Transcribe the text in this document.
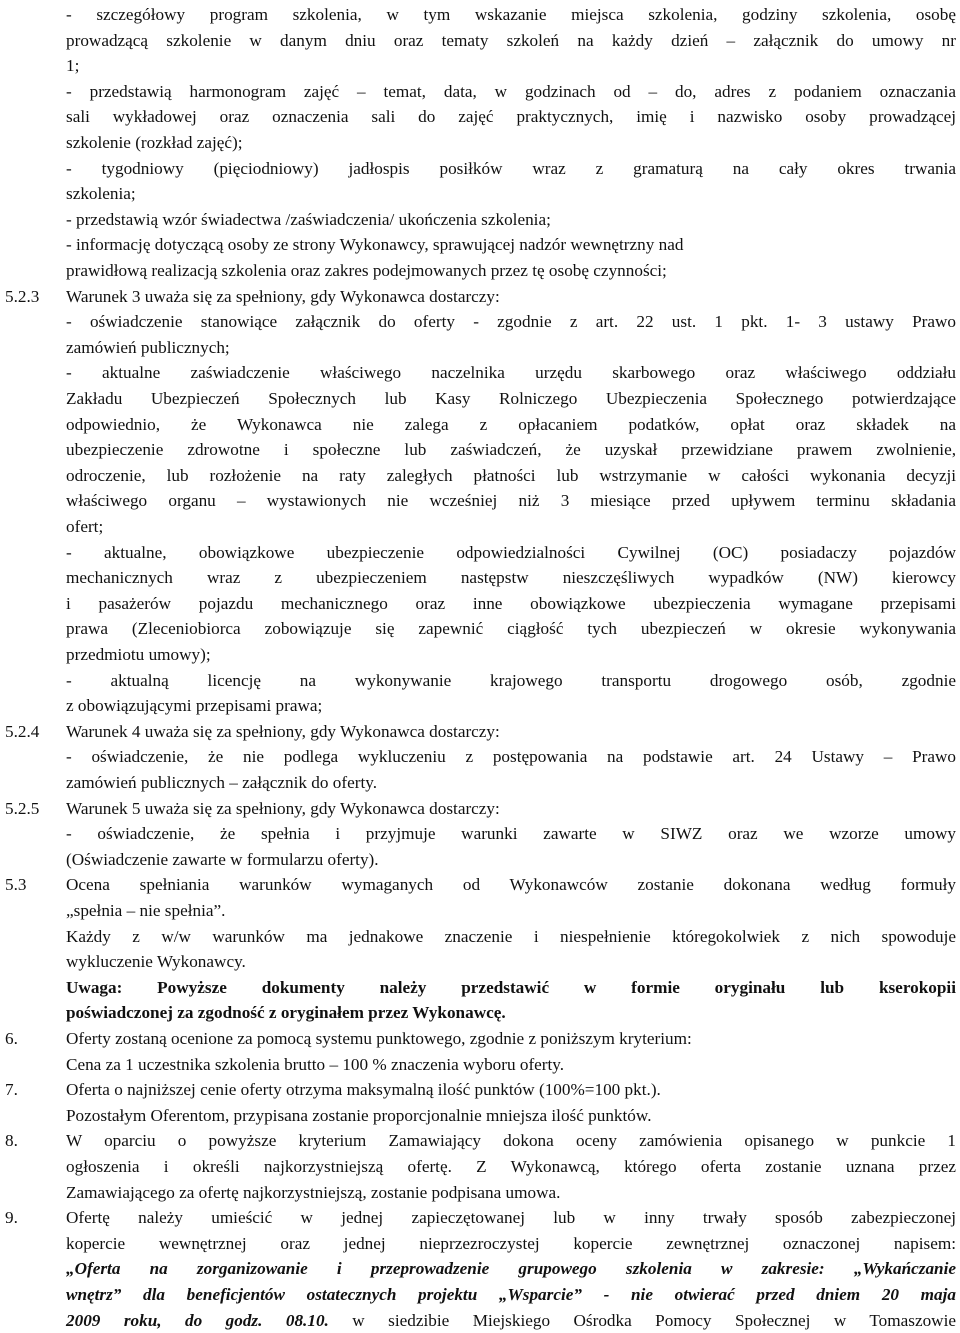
- szczegółowy program szkolenia, w tym wskazanie miejsca szkolenia, godziny szkolenia, osobę
prowadzącą szkolenie w danym dniu oraz tematy szkoleń na każdy dzień – załącznik do umowy nr
1;
- przedstawią harmonogram zajęć – temat, data, w godzinach od – do, adres z podaniem oznaczania
sali wykładowej oraz oznaczenia sali do zajęć praktycznych, imię i nazwisko osoby prowadzącej
szkolenie (rozkład zajęć);
- tygodniowy (pięciodniowy) jadłospis posiłków wraz z gramaturą na cały okres trwania
szkolenia;
- przedstawią wzór świadectwa /zaświadczenia/ ukończenia szkolenia;
- informację dotyczącą osoby ze strony Wykonawcy, sprawującej nadzór wewnętrzny nad
prawidłową realizacją szkolenia oraz zakres podejmowanych przez tę osobę czynności;
5.2.3 Warunek 3 uważa się za spełniony, gdy Wykonawca dostarczy:
- oświadczenie stanowiące załącznik do oferty - zgodnie z art. 22 ust. 1 pkt. 1- 3 ustawy Prawo
zamówień publicznych;
- aktualne zaświadczenie właściwego naczelnika urzędu skarbowego oraz właściwego oddziału
Zakładu Ubezpieczeń Społecznych lub Kasy Rolniczego Ubezpieczenia Społecznego potwierdzające
odpowiednio, że Wykonawca nie zalega z opłacaniem podatków, opłat oraz składek na
ubezpieczenie zdrowotne i społeczne lub zaświadczeń, że uzyskał przewidziane prawem zwolnienie,
odroczenie, lub rozłożenie na raty zaległych płatności lub wstrzymanie w całości wykonania decyzji
właściwego organu – wystawionych nie wcześniej niż 3 miesiące przed upływem terminu składania
ofert;
- aktualne, obowiązkowe ubezpieczenie odpowiedzialności Cywilnej (OC) posiadaczy pojazdów
mechanicznych wraz z ubezpieczeniem następstw nieszczęśliwych wypadków (NW) kierowcy
i pasażerów pojazdu mechanicznego oraz inne obowiązkowe ubezpieczenia wymagane przepisami
prawa (Zleceniobiorca zobowiązuje się zapewnić ciągłość tych ubezpieczeń w okresie wykonywania
przedmiotu umowy);
- aktualną licencję na wykonywanie krajowego transportu drogowego osób, zgodnie
z obowiązującymi przepisami prawa;
5.2.4 Warunek 4 uważa się za spełniony, gdy Wykonawca dostarczy:
- oświadczenie, że nie podlega wykluczeniu z postępowania na podstawie art. 24 Ustawy – Prawo
zamówień publicznych – załącznik do oferty.
5.2.5 Warunek 5 uważa się za spełniony, gdy Wykonawca dostarczy:
- oświadczenie, że spełnia i przyjmuje warunki zawarte w SIWZ oraz we wzorze umowy
(Oświadczenie zawarte w formularzu oferty).
5.3 Ocena spełniania warunków wymaganych od Wykonawców zostanie dokonana według formuły
„spełnia – nie spełnia”.
Każdy z w/w warunków ma jednakowe znaczenie i niespełnienie któregokolwiek z nich spowoduje
wykluczenie Wykonawcy.
Uwaga: Powyższe dokumenty należy przedstawić w formie oryginału lub kserokopii
poświadczonej za zgodność z oryginałem przez Wykonawcę.
6.	Oferty zostaną ocenione za pomocą systemu punktowego, zgodnie z poniższym kryterium:
Cena za 1 uczestnika szkolenia brutto – 100 % znaczenia wyboru oferty.
7.	Oferta o najniższej cenie oferty otrzyma maksymalną ilość punktów (100%=100 pkt.).
Pozostałym Oferentom, przypisana zostanie proporcjonalnie mniejsza ilość punktów.
8.	W oparciu o powyższe kryterium Zamawiający dokona oceny zamówienia opisanego w punkcie 1
ogłoszenia i określi najkorzystniejszą ofertę. Z Wykonawcą, którego oferta zostanie uznana przez
Zamawiającego za ofertę najkorzystniejszą, zostanie podpisana umowa.
9.	Ofertę należy umieścić w jednej zapieczętowanej lub w inny trwały sposób zabezpieczonej
kopercie wewnętrznej oraz jednej nieprzezroczystej kopercie zewnętrznej oznaczonej napisem:
„Oferta na zorganizowanie i przeprowadzenie grupowego szkolenia w zakresie: „Wykańczanie
wnętrz” dla beneficjentów ostatecznych projektu „Wsparcie” - nie otwierać przed dniem 20 maja
2009 roku, do godz. 08.10. w siedzibie Miejskiego Ośrodka Pomocy Społecznej w Tomaszowie
